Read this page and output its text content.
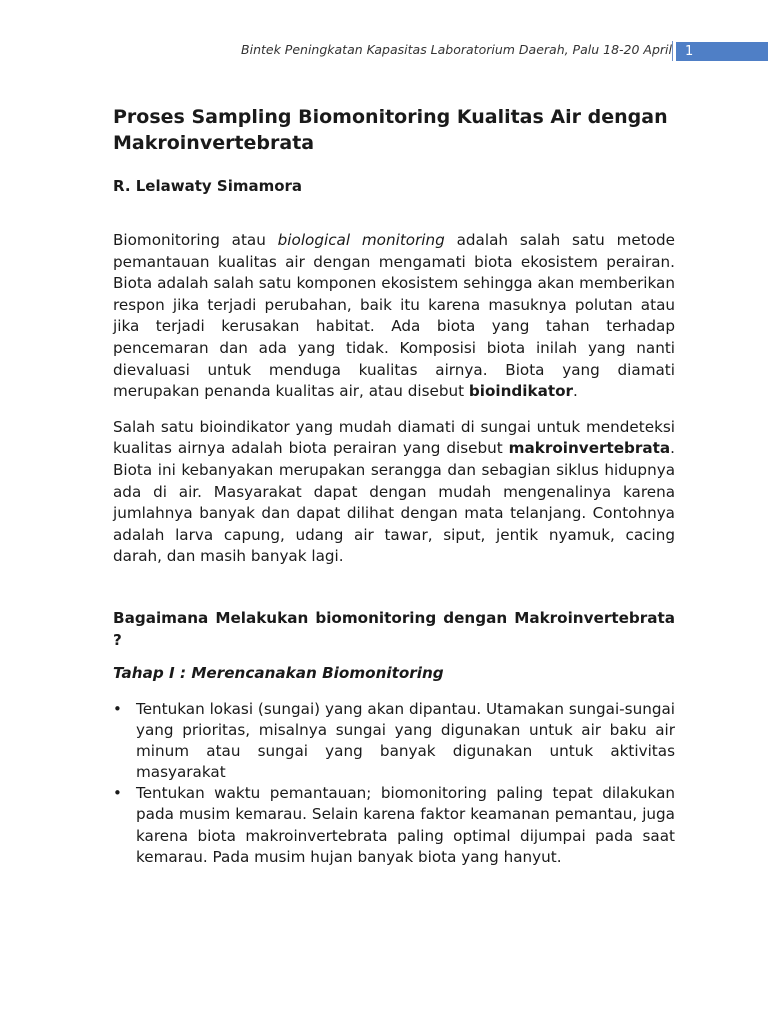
Bintek Peningkatan Kapasitas Laboratorium Daerah, Palu 18-20 April	1
Proses Sampling Biomonitoring Kualitas Air dengan Makroinvertebrata
R. Lelawaty Simamora

Biomonitoring atau biological monitoring adalah salah satu metode pemantauan kualitas air dengan mengamati biota ekosistem perairan. Biota adalah salah satu komponen ekosistem sehingga akan memberikan respon jika terjadi perubahan, baik itu karena masuknya polutan atau jika terjadi kerusakan habitat. Ada biota yang tahan terhadap pencemaran dan ada yang tidak. Komposisi biota inilah yang nanti dievaluasi untuk menduga kualitas airnya. Biota yang diamati merupakan penanda kualitas air, atau disebut bioindikator.

Salah satu bioindikator yang mudah diamati di sungai untuk mendeteksi kualitas airnya adalah biota perairan yang disebut makroinvertebrata. Biota ini kebanyakan merupakan serangga dan sebagian siklus hidupnya ada di air. Masyarakat dapat dengan mudah mengenalinya karena jumlahnya banyak dan dapat dilihat dengan mata telanjang. Contohnya adalah larva capung, udang air tawar, siput, jentik nyamuk, cacing darah, dan masih banyak lagi.

Bagaimana Melakukan biomonitoring dengan Makroinvertebrata ?
Tahap I : Merencanakan Biomonitoring
• Tentukan lokasi (sungai) yang akan dipantau. Utamakan sungai-sungai yang prioritas, misalnya sungai yang digunakan untuk air baku air minum atau sungai yang banyak digunakan untuk aktivitas masyarakat
• Tentukan waktu pemantauan; biomonitoring paling tepat dilakukan pada musim kemarau. Selain karena faktor keamanan pemantau, juga karena biota makroinvertebrata paling optimal dijumpai pada saat kemarau. Pada musim hujan banyak biota yang hanyut.
